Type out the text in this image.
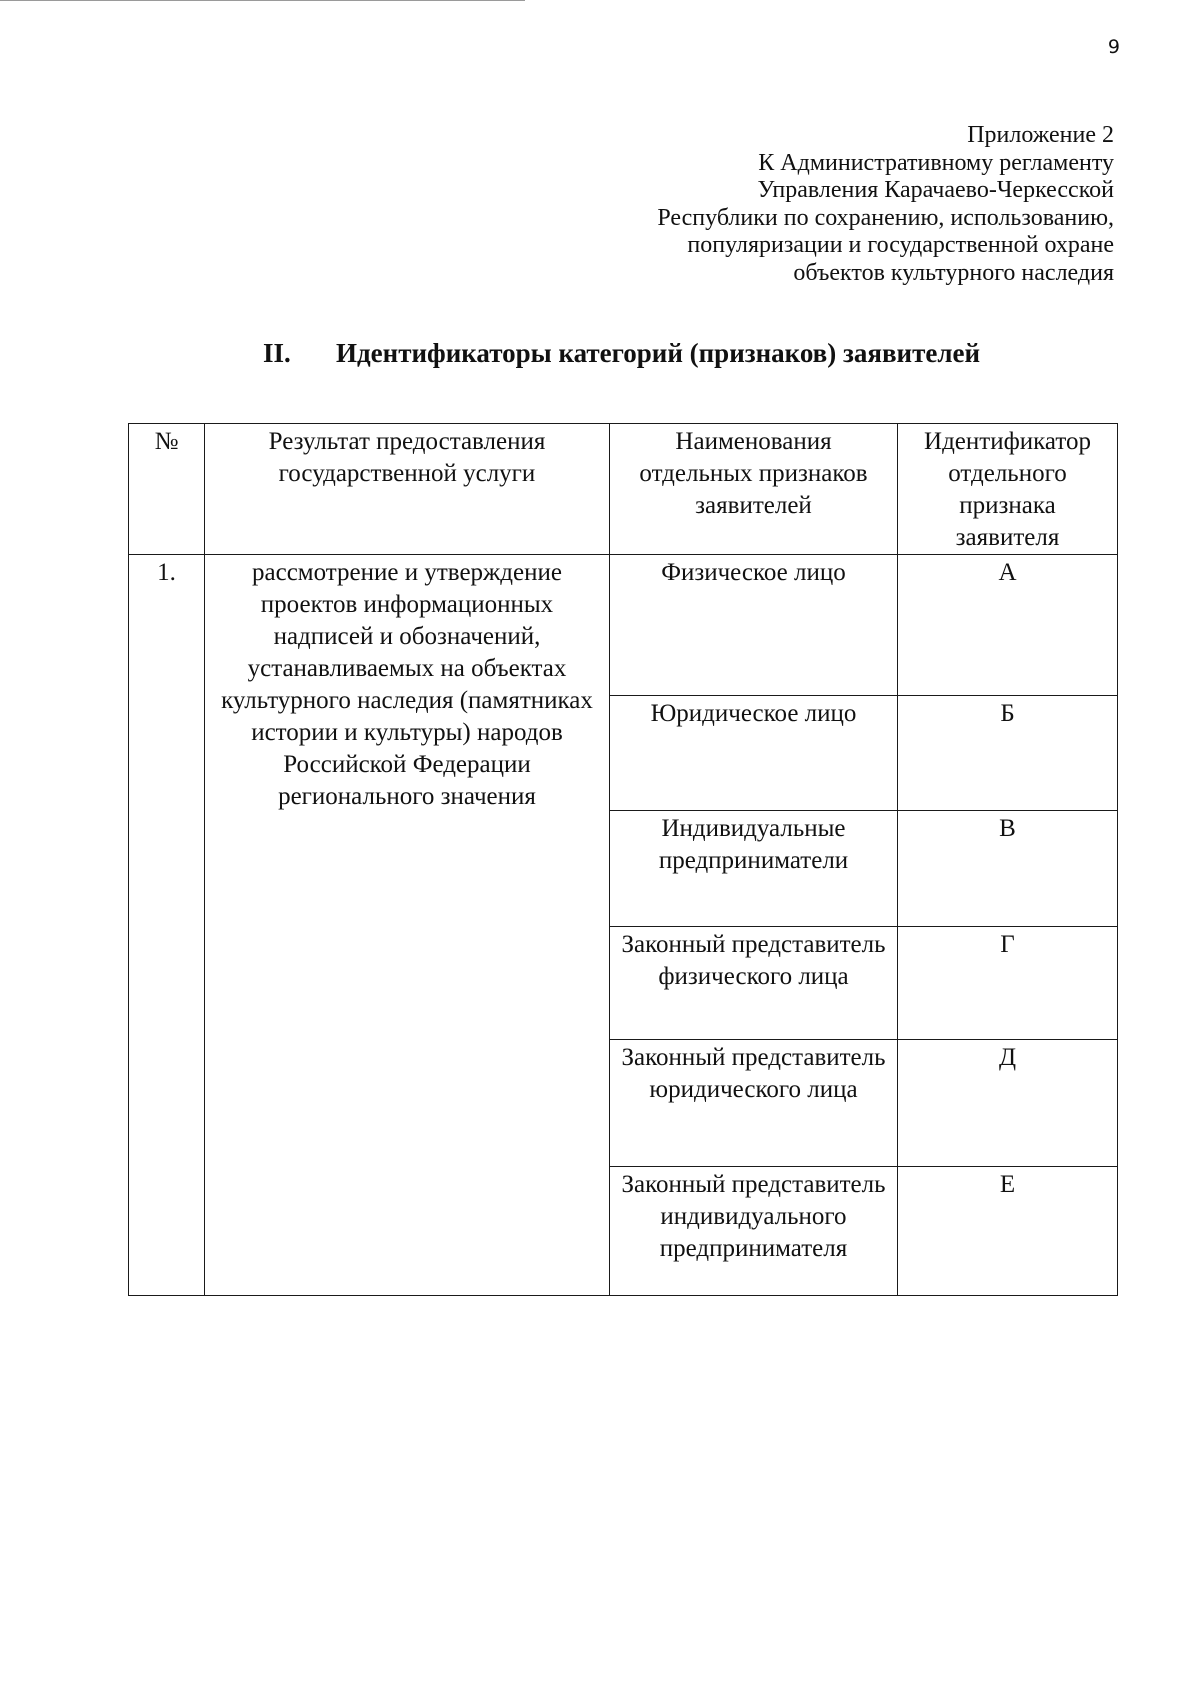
9
Приложение 2
К Административному регламенту
Управления Карачаево-Черкесской
Республики по сохранению, использованию,
популяризации и государственной охране
объектов культурного наследия
II. Идентификаторы категорий (признаков) заявителей
№	Результат предоставления государственной услуги	Наименования отдельных признаков заявителей	Идентификатор отдельного признака заявителя
1.	рассмотрение и утверждение проектов информационных надписей и обозначений, устанавливаемых на объектах культурного наследия (памятниках истории и культуры) народов Российской Федерации регионального значения	Физическое лицо	А
		Юридическое лицо	Б
		Индивидуальные предприниматели	В
		Законный представитель физического лица	Г
		Законный представитель юридического лица	Д
		Законный представитель индивидуального предпринимателя	Е
